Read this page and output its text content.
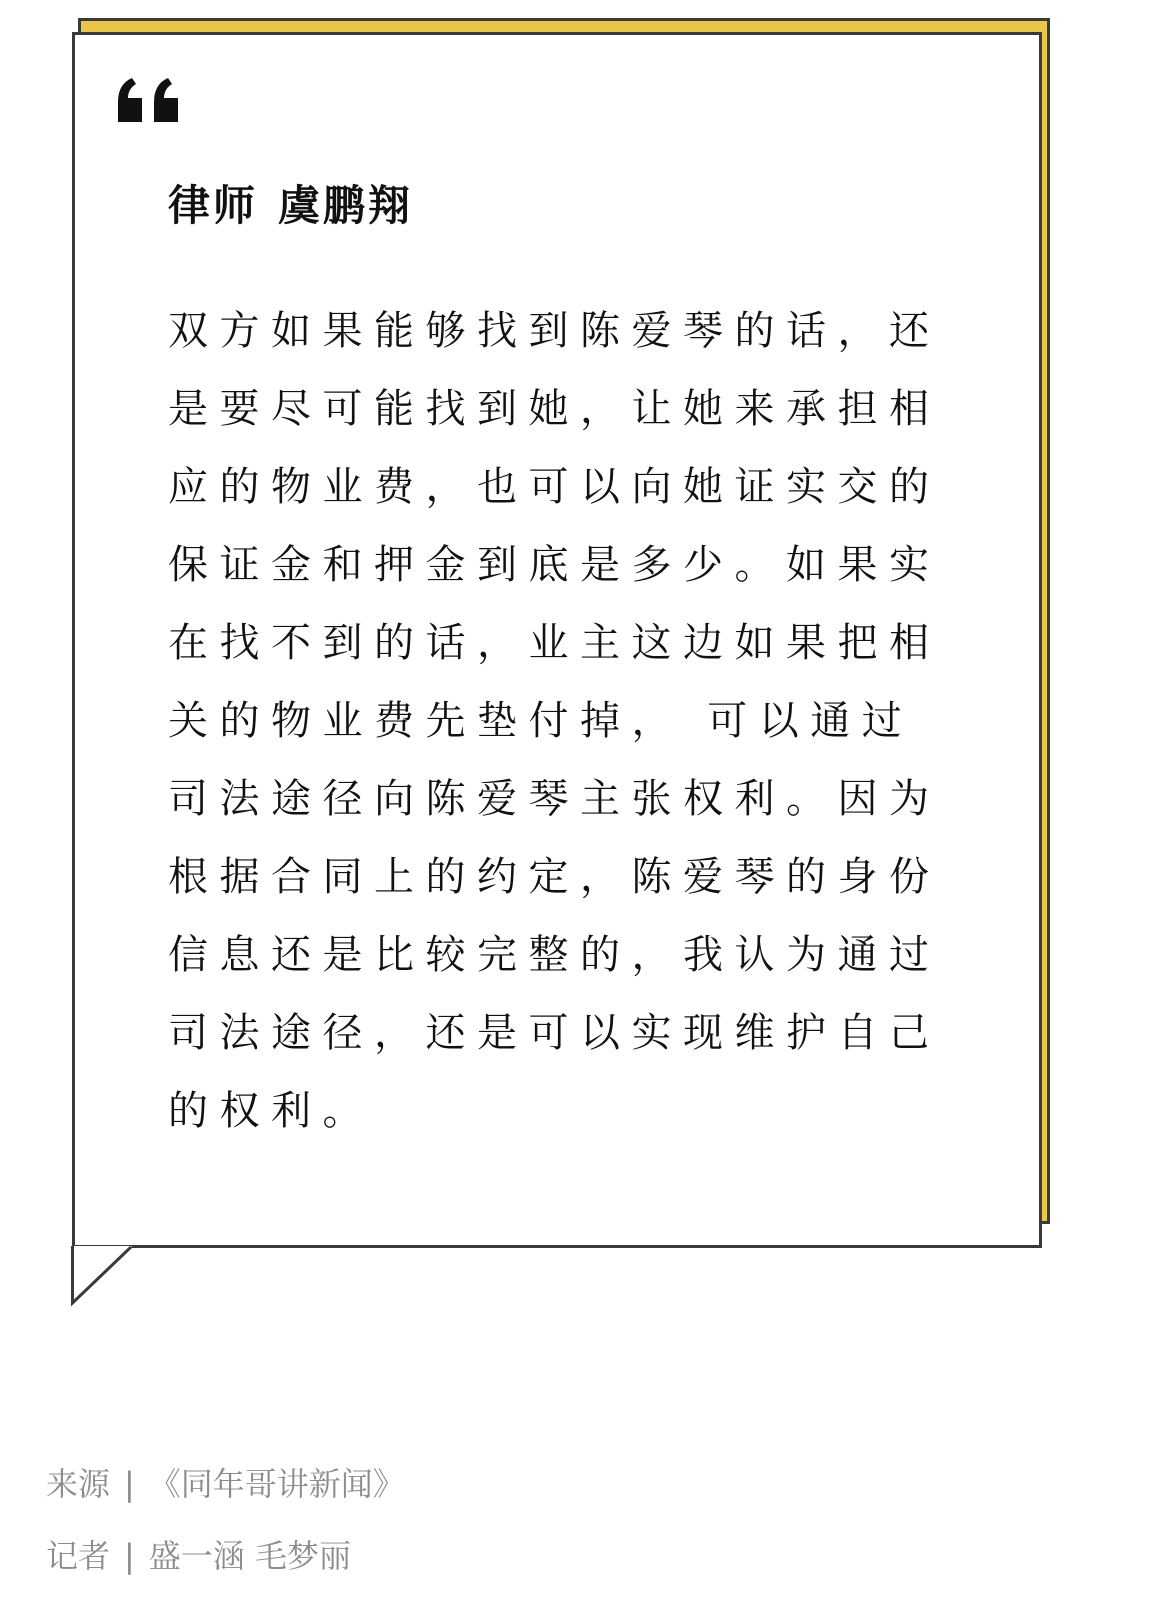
律师 虞鹏翔

双方如果能够找到陈爱琴的话，还是要尽可能找到她，让她来承担相应的物业费，也可以向她证实交的保证金和押金到底是多少。如果实在找不到的话，业主这边如果把相关的物业费先垫付掉， 可以通过司法途径向陈爱琴主张权利。因为根据合同上的约定，陈爱琴的身份信息还是比较完整的，我认为通过司法途径，还是可以实现维护自己的权利。

来源 | 《同年哥讲新闻》
记者 | 盛一涵 毛梦丽
